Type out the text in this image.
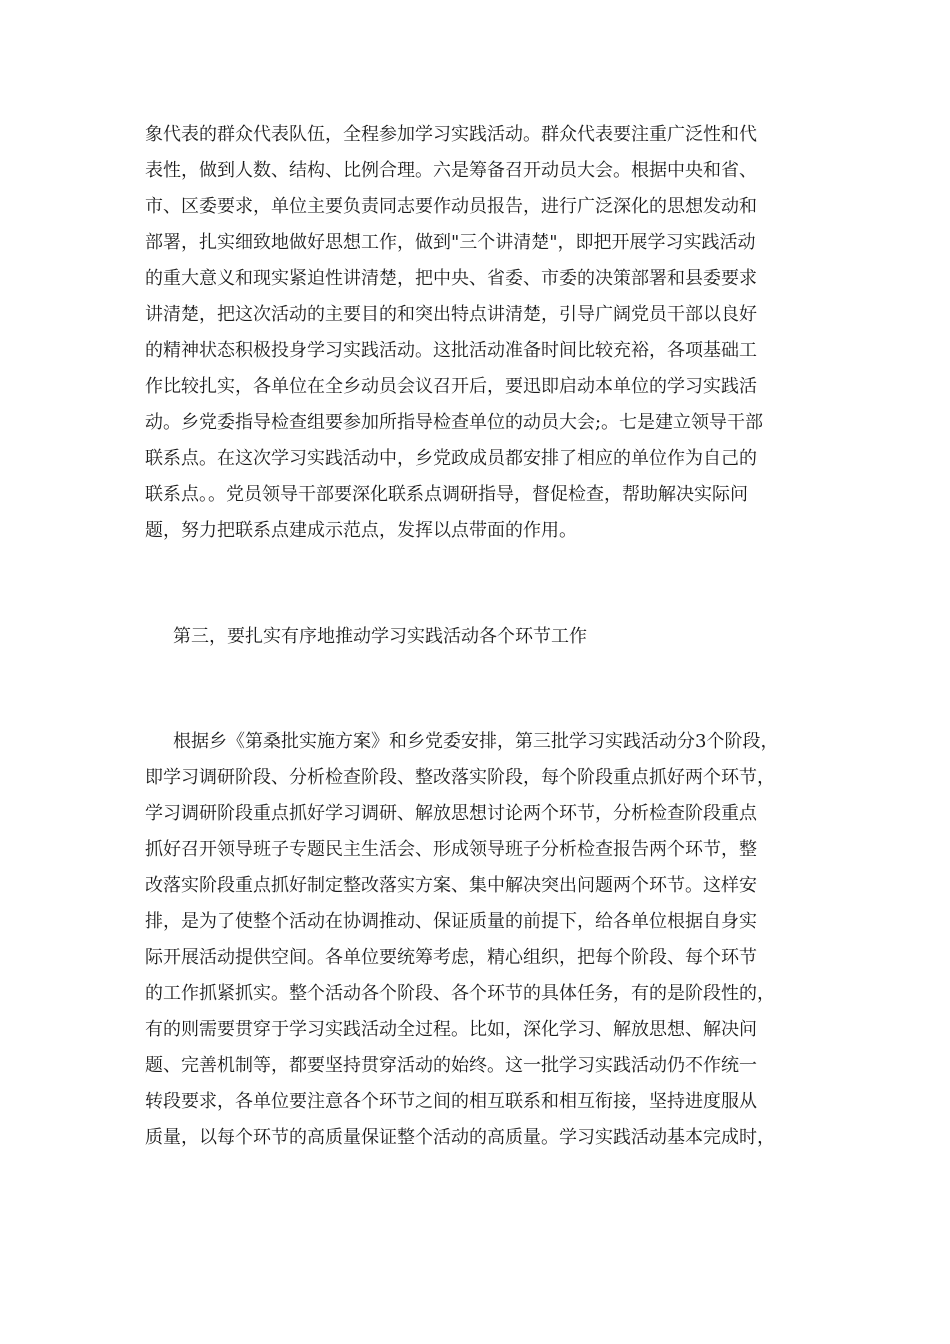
象代表的群众代表队伍，全程参加学习实践活动。群众代表要注重广泛性和代
表性，做到人数、结构、比例合理。六是筹备召开动员大会。根据中央和省、
市、区委要求，单位主要负责同志要作动员报告，进行广泛深化的思想发动和
部署，扎实细致地做好思想工作，做到"三个讲清楚"，即把开展学习实践活动
的重大意义和现实紧迫性讲清楚，把中央、省委、市委的决策部署和县委要求
讲清楚，把这次活动的主要目的和突出特点讲清楚，引导广阔党员干部以良好
的精神状态积极投身学习实践活动。这批活动准备时间比较充裕，各项基础工
作比较扎实，各单位在全乡动员会议召开后，要迅即启动本单位的学习实践活
动。乡党委指导检查组要参加所指导检查单位的动员大会;。七是建立领导干部
联系点。在这次学习实践活动中，乡党政成员都安排了相应的单位作为自己的
联系点。。党员领导干部要深化联系点调研指导，督促检查，帮助解决实际问
题，努力把联系点建成示范点，发挥以点带面的作用。
第三，要扎实有序地推动学习实践活动各个环节工作
根据乡《第桑批实施方案》和乡党委安排，第三批学习实践活动分3个阶段，
即学习调研阶段、分析检查阶段、整改落实阶段，每个阶段重点抓好两个环节，
学习调研阶段重点抓好学习调研、解放思想讨论两个环节，分析检查阶段重点
抓好召开领导班子专题民主生活会、形成领导班子分析检查报告两个环节，整
改落实阶段重点抓好制定整改落实方案、集中解决突出问题两个环节。这样安
排，是为了使整个活动在协调推动、保证质量的前提下，给各单位根据自身实
际开展活动提供空间。各单位要统筹考虑，精心组织，把每个阶段、每个环节
的工作抓紧抓实。整个活动各个阶段、各个环节的具体任务，有的是阶段性的，
有的则需要贯穿于学习实践活动全过程。比如，深化学习、解放思想、解决问
题、完善机制等，都要坚持贯穿活动的始终。这一批学习实践活动仍不作统一
转段要求，各单位要注意各个环节之间的相互联系和相互衔接，坚持进度服从
质量，以每个环节的高质量保证整个活动的高质量。学习实践活动基本完成时，
